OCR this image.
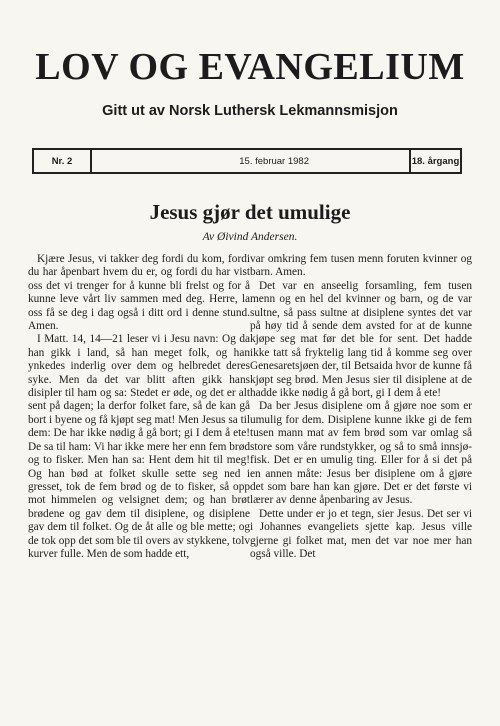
LOV OG EVANGELIUM
Gitt ut av Norsk Luthersk Lekmannsmisjon
Nr. 2	15. februar 1982	18. årgang
Jesus gjør det umulige
Av Øivind Andersen.

Kjære Jesus, vi takker deg fordi du kom, fordi du har åpenbart hvem du er, og fordi du har vist oss det vi trenger for å kunne bli frelst og for å kunne leve vårt liv sammen med deg. Herre, la oss få se deg i dag også i ditt ord i denne stund. Amen.

I Matt. 14, 14—21 leser vi i Jesu navn: Og da han gikk i land, så han meget folk, og han ynkedes inderlig over dem og helbredet deres syke. Men da det var blitt aften gikk hans disipler til ham og sa: Stedet er øde, og det er alt sent på dagen; la derfor folket fare, så de kan gå bort i byene og få kjøpt seg mat! Men Jesus sa til dem: De har ikke nødig å gå bort; gi I dem å ete! De sa til ham: Vi har ikke mere her enn fem brød og to fisker. Men han sa: Hent dem hit til meg! Og han bød at folket skulle sette seg ned i gresset, tok de fem brød og de to fisker, så opp mot himmelen og velsignet dem; og han brøt brødene og gav dem til disiplene, og disiplene gav dem til folket. Og de åt alle og ble mette; og de tok opp det som ble til overs av stykkene, tolv kurver fulle. Men de som hadde ett,

var omkring fem tusen menn foruten kvinner og barn. Amen.

Det var en anseelig forsamling, fem tusen menn og en hel del kvinner og barn, og de var sultne, så pass sultne at disiplene syntes det var på høy tid å sende dem avsted for at de kunne kjøpe seg mat før det ble for sent. Det hadde ikke tatt så fryktelig lang tid å komme seg over Genesaretsjøen der, til Betsaida hvor de kunne få kjøpt seg brød. Men Jesus sier til disiplene at de hadde ikke nødig å gå bort, gi I dem å ete!

Da ber Jesus disiplene om å gjøre noe som er umulig for dem. Disiplene kunne ikke gi de fem tusen mann mat av fem brød som var omlag så store som våre rundstykker, og så to små innsjø-fisk. Det er en umulig ting. Eller for å si det på en annen måte: Jesus ber disiplene om å gjøre det som bare han kan gjøre. Det er det første vi lærer av denne åpenbaring av Jesus.

Dette under er jo et tegn, sier Jesus. Det ser vi i Johannes evangeliets sjette kap. Jesus ville gjerne gi folket mat, men det var noe mer han også ville. Det
